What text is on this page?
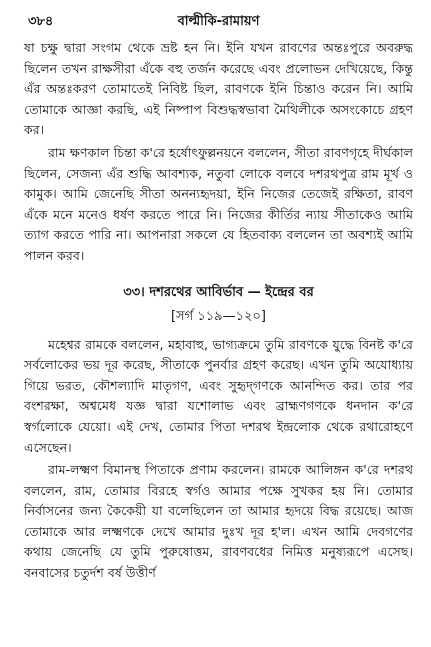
৩৮৪	বাল্মীকি-রামায়ণ

ষা চক্ষু দ্বারা সংগম থেকে ভ্রষ্ট হন নি। ইনি যখন রাবণের অন্তঃপুরে অবরুদ্ধ ছিলেন তখন রাক্ষসীরা এঁকে বহু তর্জন করেছে এবং প্রলোভন দেখিয়েছে, কিন্তু এঁর অন্তঃকরণ তোমাতেই নিবিষ্ট ছিল, রাবণকে ইনি চিন্তাও করেন নি। আমি তোমাকে আজ্ঞা করছি, এই নিষ্পাপ বিশুদ্ধস্বভাবা মৈথিলীকে অসংকোচে গ্রহণ কর।

রাম ক্ষণকাল চিন্তা ক'রে হর্ষোৎফুল্লনয়নে বললেন, সীতা রাবণগৃহে দীর্ঘকাল ছিলেন, সেজন্য এঁর শুদ্ধি আবশ্যক, নতুবা লোকে বলবে দশরথপুত্র রাম মূর্খ ও কামুক। আমি জেনেছি সীতা অনন্যহৃদয়া, ইনি নিজের তেজেই রক্ষিতা, রাবণ এঁকে মনে মনেও ধর্ষণ করতে পারে নি। নিজের কীর্তির ন্যায় সীতাকেও আমি ত্যাগ করতে পারি না। আপনারা সকলে যে হিতবাক্য বললেন তা অবশ্যই আমি পালন করব।

৩৩। দশরথের আবির্ভাব — ইন্দ্রের বর
[সর্গ ১১৯—১২০]

মহেশ্বর রামকে বললেন, মহাবাহু, ভাগ্যক্রমে তুমি রাবণকে যুদ্ধে বিনষ্ট ক'রে সর্বলোকের ভয় দূর করেছ, সীতাকে পুনর্বার গ্রহণ করেছ। এখন তুমি অযোধ্যায় গিয়ে ভরত, কৌশল্যাদি মাতৃগণ, এবং সুহৃদ্‌গণকে আনন্দিত কর। তার পর বংশরক্ষা, অশ্বমেধ যজ্ঞ দ্বারা যশোলাভ এবং ব্রাহ্মণগণকে ধনদান ক'রে স্বর্গলোকে যেয়ো। এই দেখ, তোমার পিতা দশরথ ইন্দ্রলোক থেকে রথারোহণে এসেছেন।

রাম-লক্ষ্মণ বিমানস্থ পিতাকে প্রণাম করলেন। রামকে আলিঙ্গন ক'রে দশরথ বললেন, রাম, তোমার বিরহে স্বর্গও আমার পক্ষে সুখকর হয় নি। তোমার নির্বাসনের জন্য কৈকেয়ী যা বলেছিলেন তা আমার হৃদয়ে বিদ্ধ রয়েছে। আজ তোমাকে আর লক্ষ্মণকে দেখে আমার দুঃখ দূর হ'ল। এখন আমি দেবগণের কথায় জেনেছি যে তুমি পুরুষোত্তম, রাবণবধের নিমিত্ত মনুষ্যরূপে এসেছ। বনবাসের চতুর্দশ বর্ষ উত্তীর্ণ
